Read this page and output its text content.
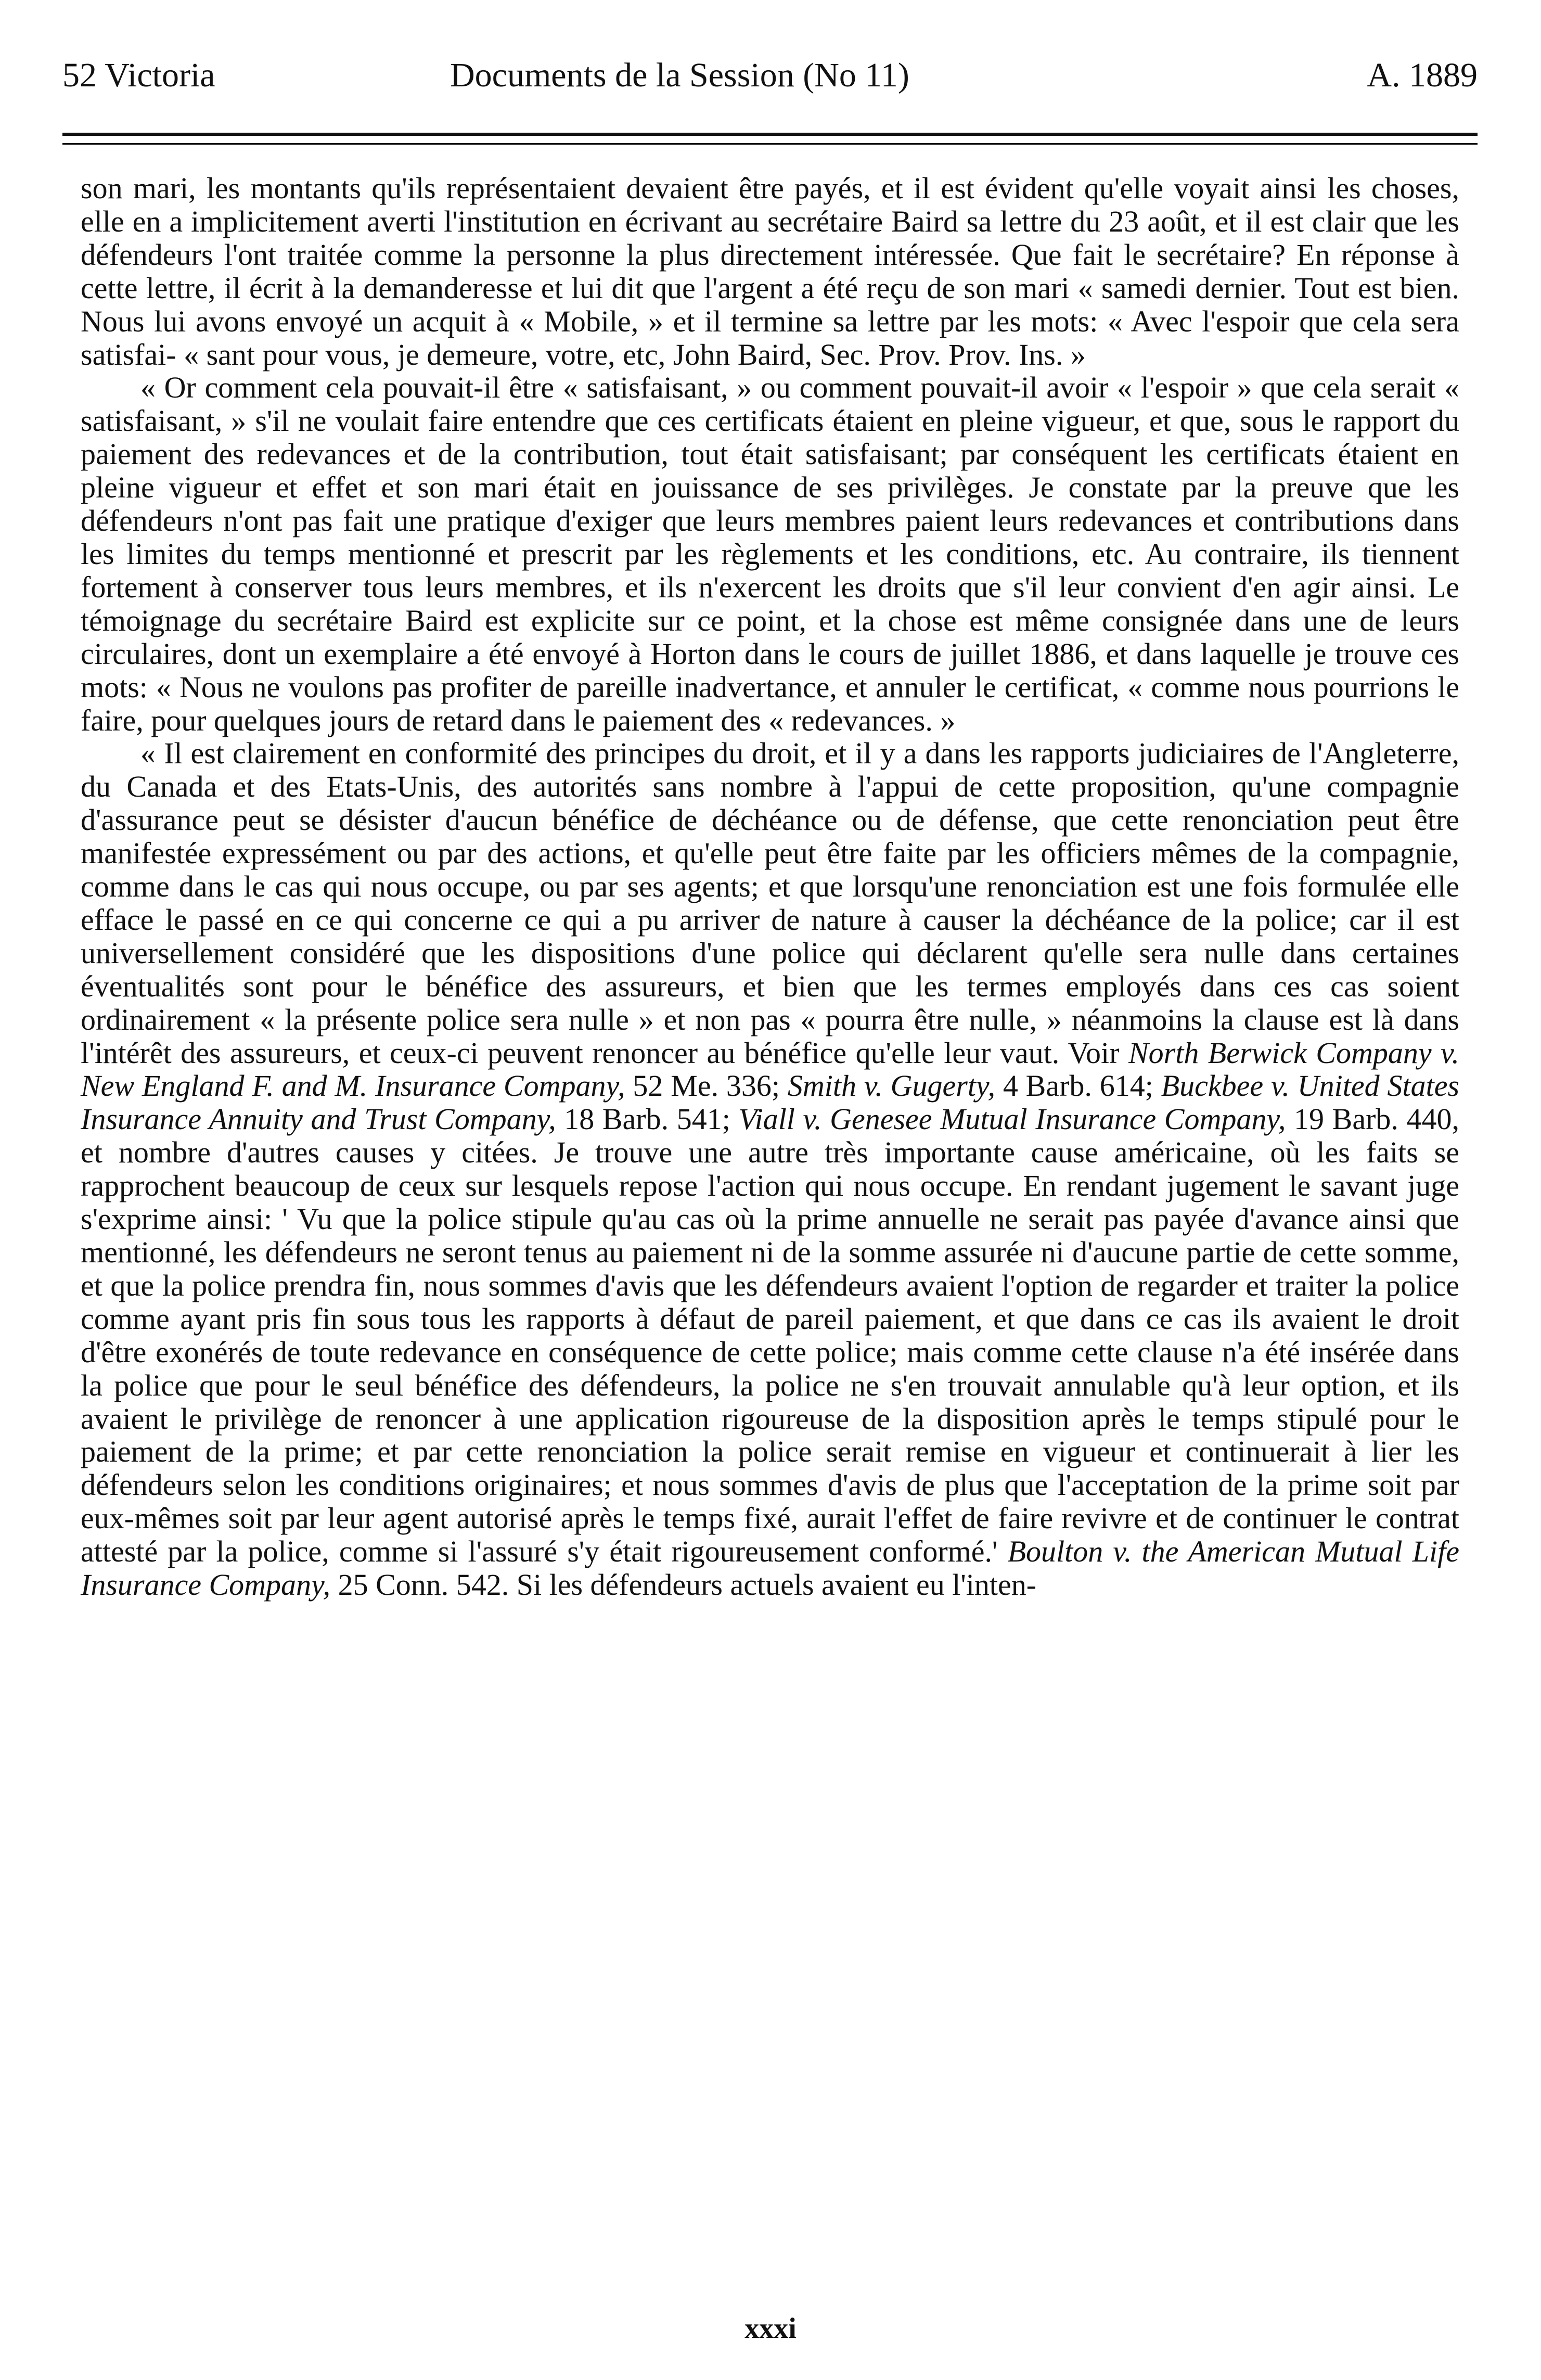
52 Victoria	Documents de la Session (No 11)	A. 1889

son mari, les montants qu'ils représentaient devaient être payés, et il est évident qu'elle voyait ainsi les choses, elle en a implicitement averti l'institution en écrivant au secrétaire Baird sa lettre du 23 août, et il est clair que les défendeurs l'ont traitée comme la personne la plus directement intéressée. Que fait le secrétaire? En réponse à cette lettre, il écrit à la demanderesse et lui dit que l'argent a été reçu de son mari « samedi dernier. Tout est bien. Nous lui avons envoyé un acquit à « Mobile, » et il termine sa lettre par les mots: « Avec l'espoir que cela sera satisfai- « sant pour vous, je demeure, votre, etc, John Baird, Sec. Prov. Prov. Ins. »

« Or comment cela pouvait-il être « satisfaisant, » ou comment pouvait-il avoir « l'espoir » que cela serait « satisfaisant, » s'il ne voulait faire entendre que ces certificats étaient en pleine vigueur, et que, sous le rapport du paiement des redevances et de la contribution, tout était satisfaisant; par conséquent les certificats étaient en pleine vigueur et effet et son mari était en jouissance de ses privilèges. Je constate par la preuve que les défendeurs n'ont pas fait une pratique d'exiger que leurs membres paient leurs redevances et contributions dans les limites du temps mentionné et prescrit par les règlements et les conditions, etc. Au contraire, ils tiennent fortement à conserver tous leurs membres, et ils n'exercent les droits que s'il leur convient d'en agir ainsi. Le témoignage du secrétaire Baird est explicite sur ce point, et la chose est même consignée dans une de leurs circulaires, dont un exemplaire a été envoyé à Horton dans le cours de juillet 1886, et dans laquelle je trouve ces mots: « Nous ne voulons pas profiter de pareille inadvertance, et annuler le certificat, « comme nous pourrions le faire, pour quelques jours de retard dans le paiement des « redevances. »

« Il est clairement en conformité des principes du droit, et il y a dans les rapports judiciaires de l'Angleterre, du Canada et des Etats-Unis, des autorités sans nombre à l'appui de cette proposition, qu'une compagnie d'assurance peut se désister d'aucun bénéfice de déchéance ou de défense, que cette renonciation peut être manifestée expressément ou par des actions, et qu'elle peut être faite par les officiers mêmes de la compagnie, comme dans le cas qui nous occupe, ou par ses agents; et que lorsqu'une renonciation est une fois formulée elle efface le passé en ce qui concerne ce qui a pu arriver de nature à causer la déchéance de la police; car il est universellement considéré que les dispositions d'une police qui déclarent qu'elle sera nulle dans certaines éventualités sont pour le bénéfice des assureurs, et bien que les termes employés dans ces cas soient ordinairement « la présente police sera nulle » et non pas « pourra être nulle, » néanmoins la clause est là dans l'intérêt des assureurs, et ceux-ci peuvent renoncer au bénéfice qu'elle leur vaut. Voir North Berwick Company v. New England F. and M. Insurance Company, 52 Me. 336; Smith v. Gugerty, 4 Barb. 614; Buckbee v. United States Insurance Annuity and Trust Company, 18 Barb. 541; Viall v. Genesee Mutual Insurance Company, 19 Barb. 440, et nombre d'autres causes y citées. Je trouve une autre très importante cause américaine, où les faits se rapprochent beaucoup de ceux sur lesquels repose l'action qui nous occupe. En rendant jugement le savant juge s'exprime ainsi: ' Vu que la police stipule qu'au cas où la prime annuelle ne serait pas payée d'avance ainsi que mentionné, les défendeurs ne seront tenus au paiement ni de la somme assurée ni d'aucune partie de cette somme, et que la police prendra fin, nous sommes d'avis que les défendeurs avaient l'option de regarder et traiter la police comme ayant pris fin sous tous les rapports à défaut de pareil paiement, et que dans ce cas ils avaient le droit d'être exonérés de toute redevance en conséquence de cette police; mais comme cette clause n'a été insérée dans la police que pour le seul bénéfice des défendeurs, la police ne s'en trouvait annulable qu'à leur option, et ils avaient le privilège de renoncer à une application rigoureuse de la disposition après le temps stipulé pour le paiement de la prime; et par cette renonciation la police serait remise en vigueur et continuerait à lier les défendeurs selon les conditions originaires; et nous sommes d'avis de plus que l'acceptation de la prime soit par eux-mêmes soit par leur agent autorisé après le temps fixé, aurait l'effet de faire revivre et de continuer le contrat attesté par la police, comme si l'assuré s'y était rigoureusement conformé.' Boulton v. the American Mutual Life Insurance Company, 25 Conn. 542. Si les défendeurs actuels avaient eu l'inten-

xxxi
